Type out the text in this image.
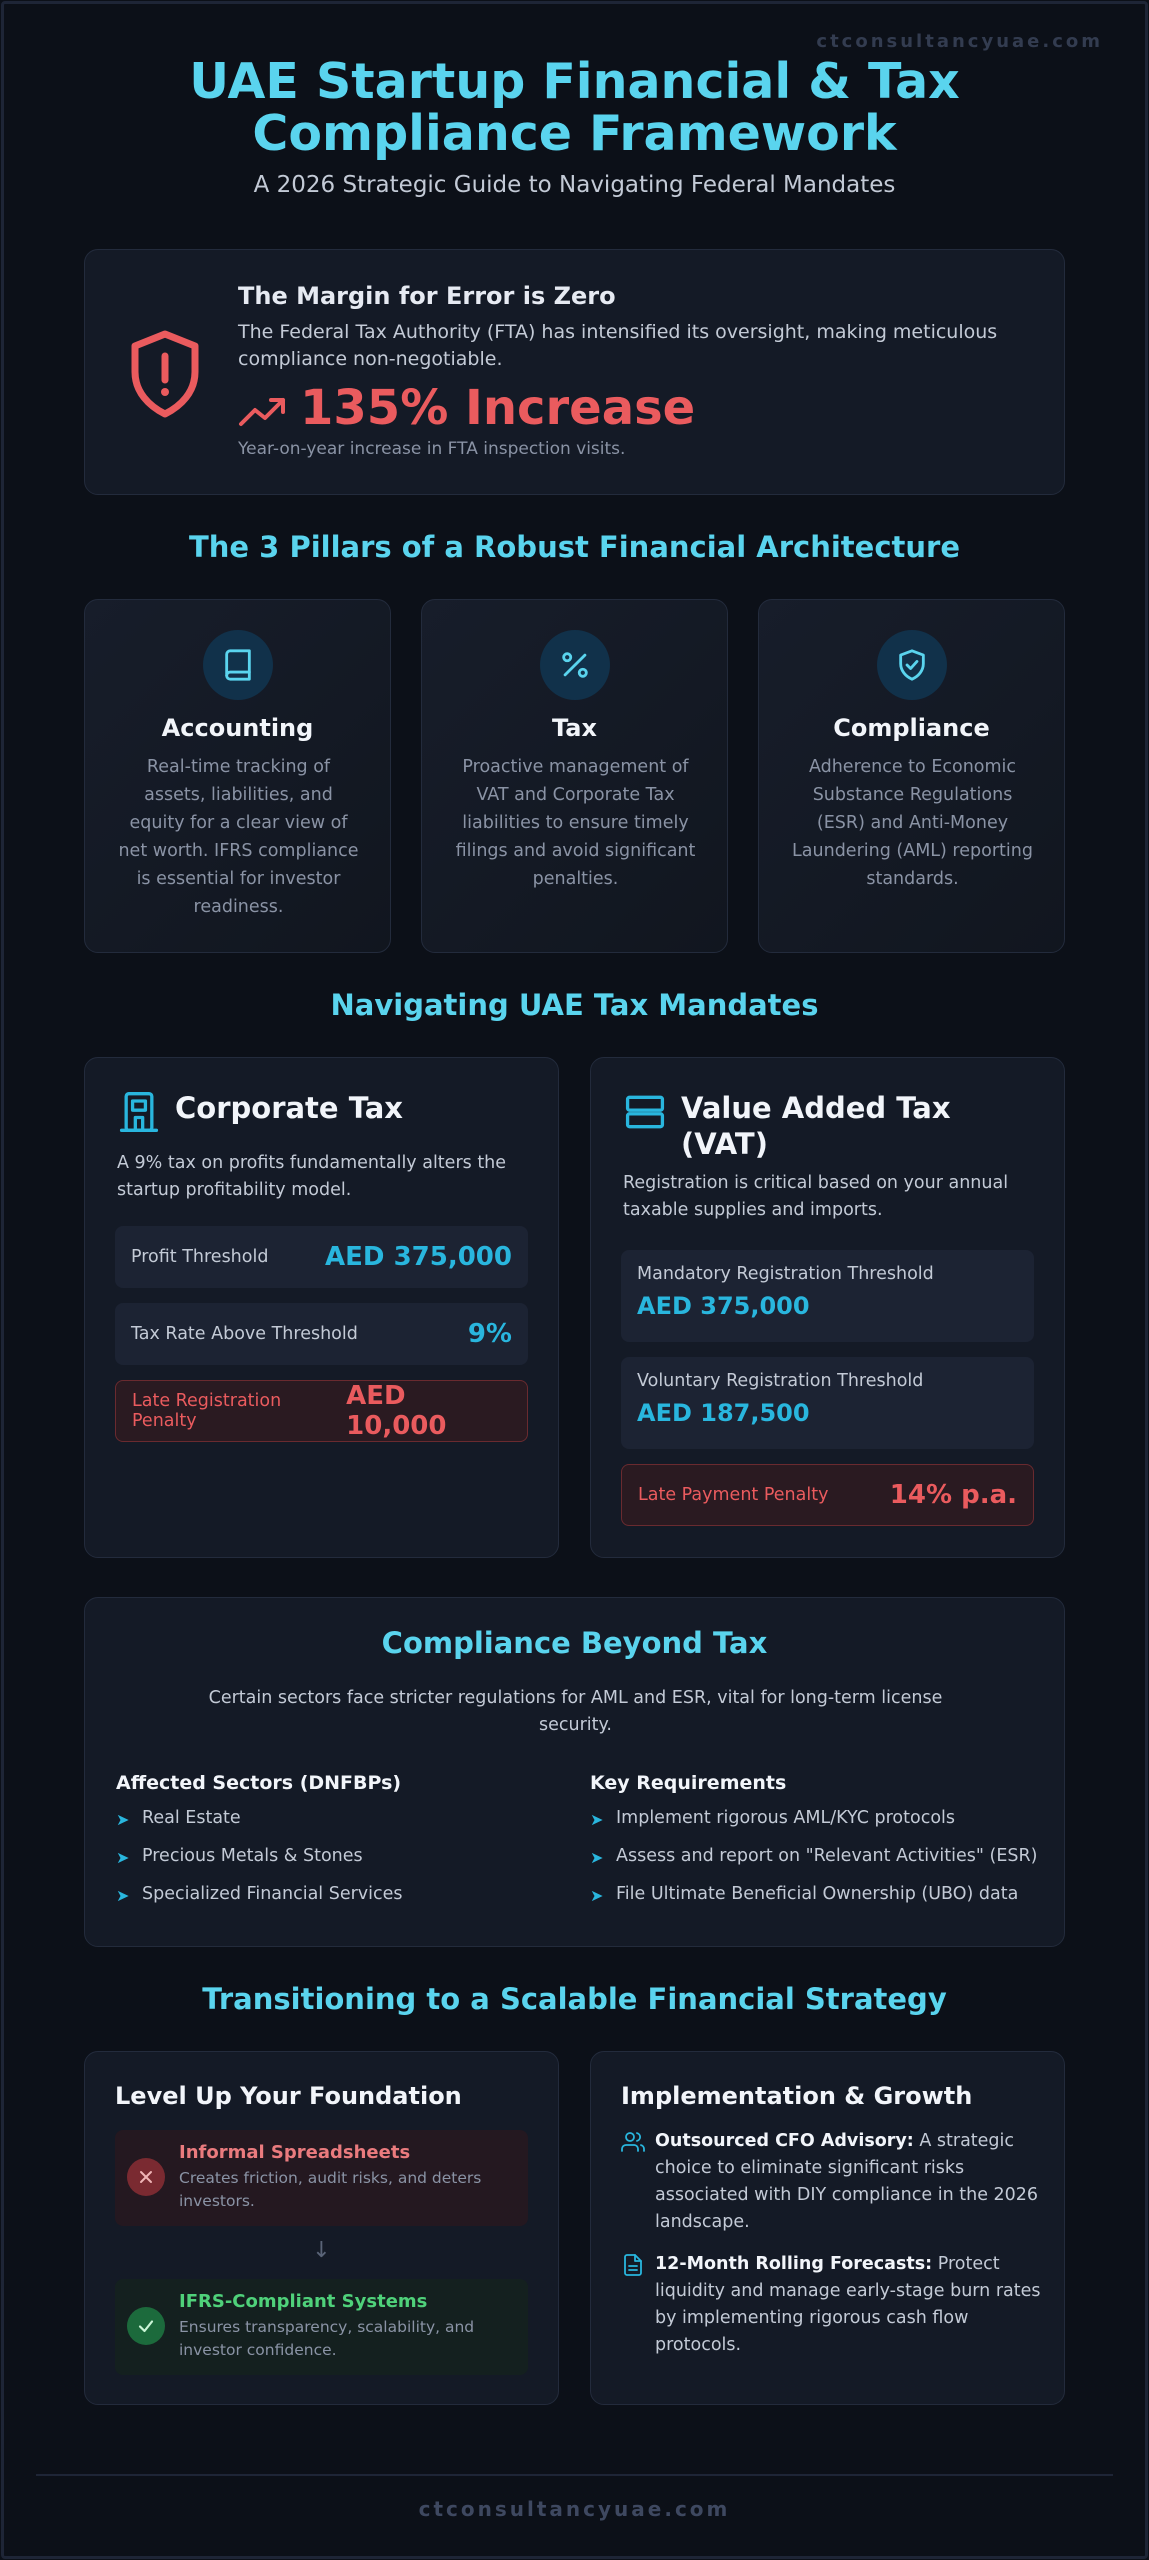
ctconsultancyuae.com
UAE Startup Financial & Tax Compliance Framework
A 2026 Strategic Guide to Navigating Federal Mandates
The Margin for Error is Zero
The Federal Tax Authority (FTA) has intensified its oversight, making meticulous compliance non-negotiable.
135% Increase
Year-on-year increase in FTA inspection visits.
The 3 Pillars of a Robust Financial Architecture
Accounting
Real-time tracking of assets, liabilities, and equity for a clear view of net worth. IFRS compliance is essential for investor readiness.
Tax
Proactive management of VAT and Corporate Tax liabilities to ensure timely filings and avoid significant penalties.
Compliance
Adherence to Economic Substance Regulations (ESR) and Anti-Money Laundering (AML) reporting standards.
Navigating UAE Tax Mandates
Corporate Tax
A 9% tax on profits fundamentally alters the startup profitability model.
Profit Threshold AED 375,000
Tax Rate Above Threshold	9%
Late Registration Penalty
AED 10,000
Value Added Tax (VAT)
Registration is critical based on your annual taxable supplies and imports.
Mandatory Registration Threshold
AED 375,000
Voluntary Registration Threshold
AED 187,500
Late Payment Penalty 14% p.a.
Compliance Beyond Tax
Certain sectors face stricter regulations for AML and ESR, vital for long-term license security.
Affected Sectors (DNFBPs)
➤ Real Estate
➤ Precious Metals & Stones
➤ Specialized Financial Services
Key Requirements
➤ Implement rigorous AML/KYC protocols
➤ Assess and report on "Relevant Activities" (ESR)
➤ File Ultimate Beneficial Ownership (UBO) data
Transitioning to a Scalable Financial Strategy
Level Up Your Foundation
Informal Spreadsheets
Creates friction, audit risks, and deters investors.
↓
IFRS-Compliant Systems
Ensures transparency, scalability, and investor confidence.
Implementation & Growth
Outsourced CFO Advisory: A strategic choice to eliminate significant risks associated with DIY compliance in the 2026 landscape.
12-Month Rolling Forecasts: Protect liquidity and manage early-stage burn rates by implementing rigorous cash flow protocols.
ctconsultancyuae.com
